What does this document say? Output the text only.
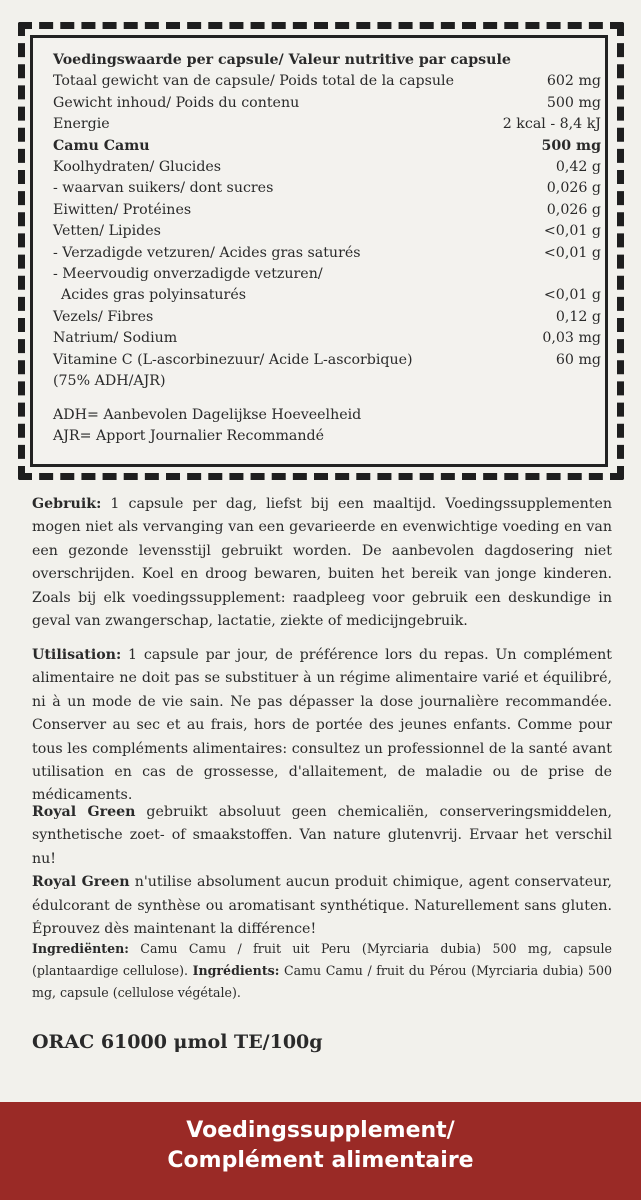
Voedingswaarde per capsule/ Valeur nutritive par capsule
Totaal gewicht van de capsule/ Poids total de la capsule	602 mg
Gewicht inhoud/ Poids du contenu	500 mg
Energie	2 kcal - 8,4 kJ
Camu Camu	500 mg
Koolhydraten/ Glucides	0,42 g
- waarvan suikers/ dont sucres	0,026 g
Eiwitten/ Protéines	0,026 g
Vetten/ Lipides	<0,01 g
- Verzadigde vetzuren/ Acides gras saturés	<0,01 g
- Meervoudig onverzadigde vetzuren/
Acides gras polyinsaturés	<0,01 g
Vezels/ Fibres	0,12 g
Natrium/ Sodium	0,03 mg
Vitamine C (L-ascorbinezuur/ Acide L-ascorbique)	60 mg
(75% ADH/AJR)
ADH= Aanbevolen Dagelijkse Hoeveelheid
AJR= Apport Journalier Recommandé

Gebruik: 1 capsule per dag, liefst bij een maaltijd. Voedingssupplementen mogen niet als vervanging van een gevarieerde en evenwichtige voeding en van een gezonde levensstijl gebruikt worden. De aanbevolen dagdosering niet overschrijden. Koel en droog bewaren, buiten het bereik van jonge kinderen. Zoals bij elk voedingssupplement: raadpleeg voor gebruik een deskundige in geval van zwangerschap, lactatie, ziekte of medicijngebruik.

Utilisation: 1 capsule par jour, de préférence lors du repas. Un complément alimentaire ne doit pas se substituer à un régime alimentaire varié et équilibré, ni à un mode de vie sain. Ne pas dépasser la dose journalière recommandée. Conserver au sec et au frais, hors de portée des jeunes enfants. Comme pour tous les compléments alimentaires: consultez un professionnel de la santé avant utilisation en cas de grossesse, d'allaitement, de maladie ou de prise de médicaments.

Royal Green gebruikt absoluut geen chemicaliën, conserveringsmiddelen, synthetische zoet- of smaakstoffen. Van nature glutenvrij. Ervaar het verschil nu!

Royal Green n'utilise absolument aucun produit chimique, agent conservateur, édulcorant de synthèse ou aromatisant synthétique. Naturellement sans gluten. Éprouvez dès maintenant la différence!

Ingrediënten: Camu Camu / fruit uit Peru (Myrciaria dubia) 500 mg, capsule (plantaardige cellulose). Ingrédients: Camu Camu / fruit du Pérou (Myrciaria dubia) 500 mg, capsule (cellulose végétale).

ORAC 61000 μmol TE/100g
Voedingssupplement/
Complément alimentaire
